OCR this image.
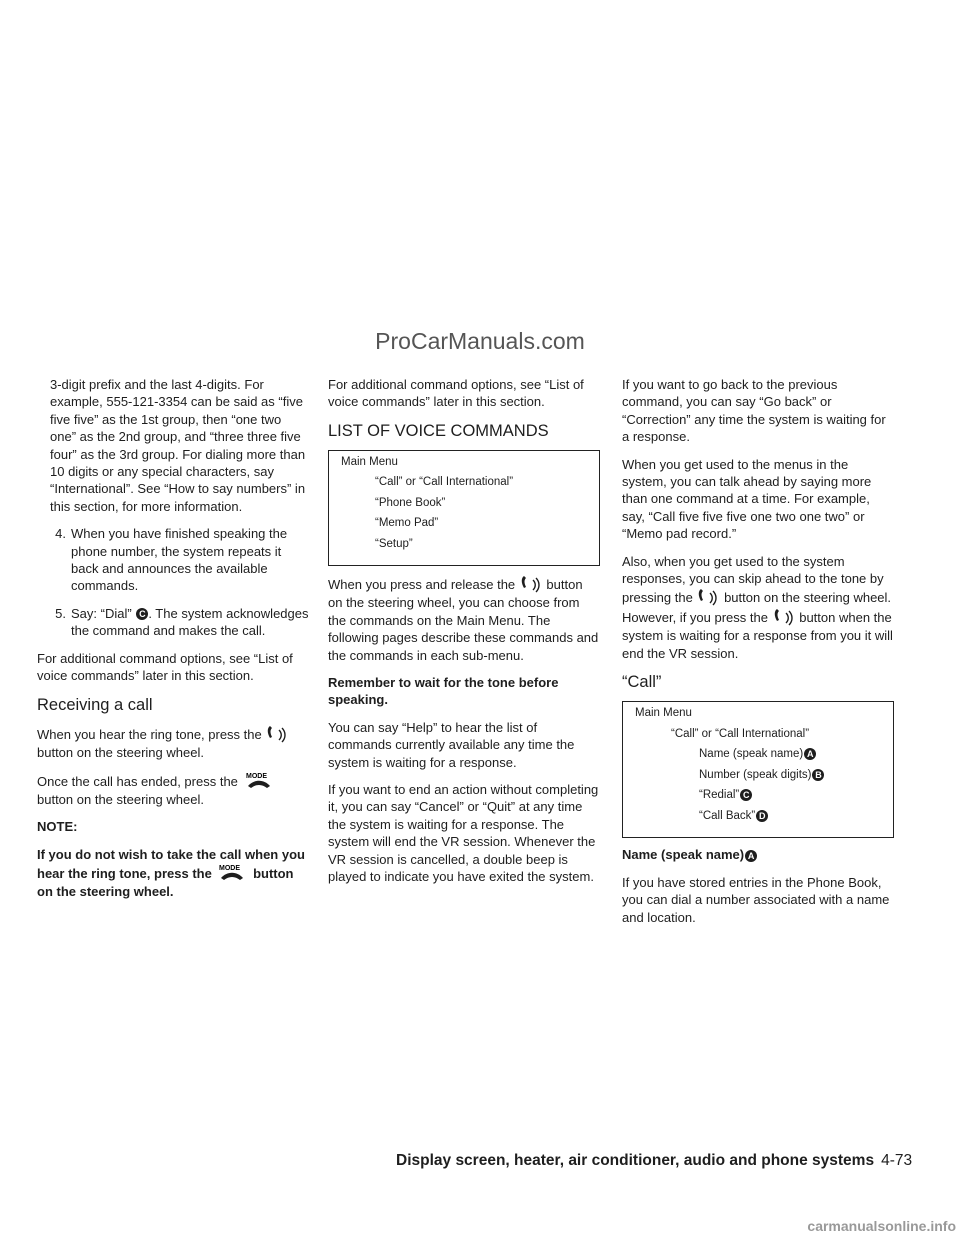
ProCarManuals.com

3-digit prefix and the last 4-digits. For example, 555-121-3354 can be said as “five five five” as the 1st group, then “one two one” as the 2nd group, and “three three five four” as the 3rd group. For dialing more than 10 digits or any special characters, say “International”. See “How to say numbers” in this section, for more information.

4. When you have finished speaking the phone number, the system repeats it back and announces the available commands.
5. Say: “Dial” C . The system acknowledges the command and makes the call.

For additional command options, see “List of voice commands” later in this section.

Receiving a call

When you hear the ring tone, press the  button on the steering wheel.

Once the call has ended, press the MODE
button on the steering wheel.

NOTE:

If you do not wish to take the call when you hear the ring tone, press the MODE button on the steering wheel.

For additional command options, see “List of voice commands” later in this section.

LIST OF VOICE COMMANDS
Main Menu
“Call” or “Call International”
“Phone Book”
“Memo Pad”
“Setup”

When you press and release the button on the steering wheel, you can choose from the commands on the Main Menu. The following pages describe these commands and the commands in each sub-menu.

Remember to wait for the tone before speaking.

You can say “Help” to hear the list of commands currently available any time the system is waiting for a response.

If you want to end an action without completing it, you can say “Cancel” or “Quit” at any time the system is waiting for a response. The system will end the VR session. Whenever the VR session is cancelled, a double beep is played to indicate you have exited the system.

If you want to go back to the previous command, you can say “Go back” or “Correction” any time the system is waiting for a response.

When you get used to the menus in the system, you can talk ahead by saying more than one command at a time. For example, say, “Call five five five one two one two” or “Memo pad record.”

Also, when you get used to the system responses, you can skip ahead to the tone by pressing the button on the steering wheel. However, if you press the button when the system is waiting for a response from you it will end the VR session.

“Call”
Main Menu
“Call” or “Call International”
Name (speak name) A
Number (speak digits) B
“Redial” C
“Call Back” D

Name (speak name) A

If you have stored entries in the Phone Book, you can dial a number associated with a name and location.

Display screen, heater, air conditioner, audio and phone systems 4-73
carmanualsonline.info
